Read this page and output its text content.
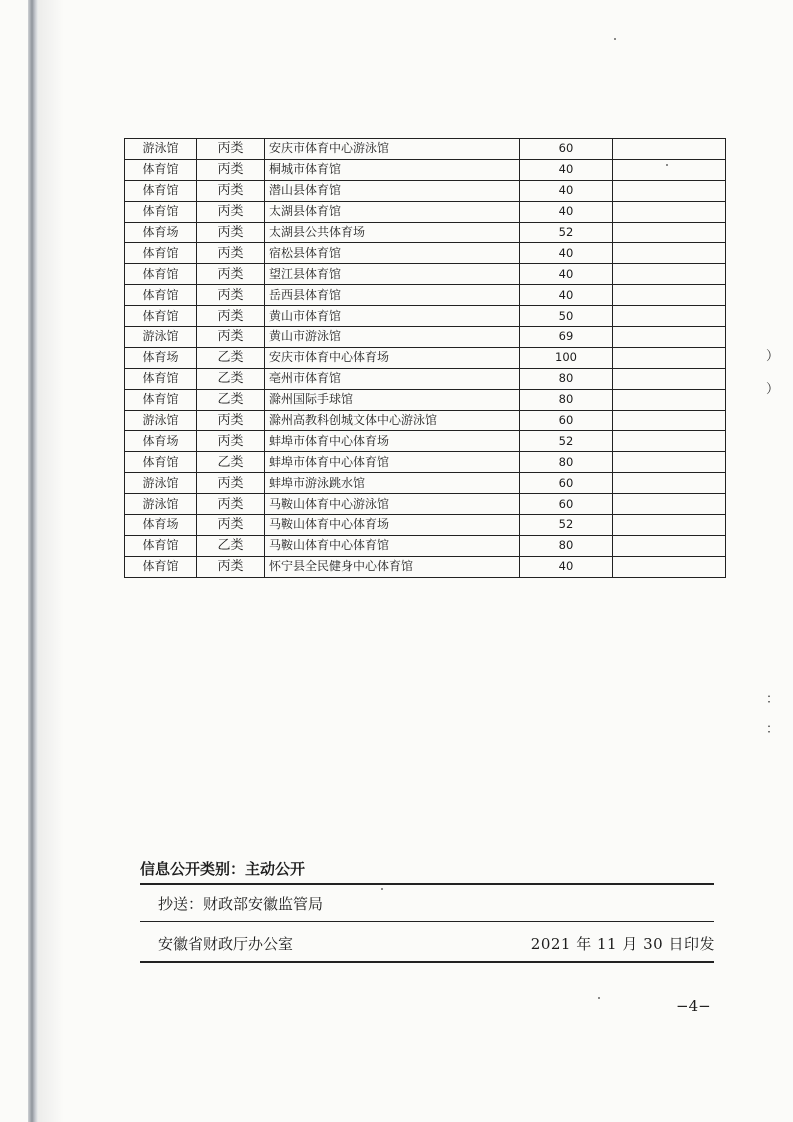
游泳馆	丙类	安庆市体育中心游泳馆	60	
体育馆	丙类	桐城市体育馆	40	
体育馆	丙类	潜山县体育馆	40	
体育馆	丙类	太湖县体育馆	40	
体育场	丙类	太湖县公共体育场	52	
体育馆	丙类	宿松县体育馆	40	
体育馆	丙类	望江县体育馆	40	
体育馆	丙类	岳西县体育馆	40	
体育馆	丙类	黄山市体育馆	50	
游泳馆	丙类	黄山市游泳馆	69	
体育场	乙类	安庆市体育中心体育场	100	
体育馆	乙类	亳州市体育馆	80	
体育馆	乙类	滁州国际手球馆	80	
游泳馆	丙类	滁州高教科创城文体中心游泳馆	60	
体育场	丙类	蚌埠市体育中心体育场	52	
体育馆	乙类	蚌埠市体育中心体育馆	80	
游泳馆	丙类	蚌埠市游泳跳水馆	60	
游泳馆	丙类	马鞍山体育中心游泳馆	60	
体育场	丙类	马鞍山体育中心体育场	52	
体育馆	乙类	马鞍山体育中心体育馆	80	
体育馆	丙类	怀宁县全民健身中心体育馆	40	
信息公开类别：主动公开
抄送：财政部安徽监管局
安徽省财政厅办公室	2021 年 11 月 30 日印发
−4−
）
）
：
：
